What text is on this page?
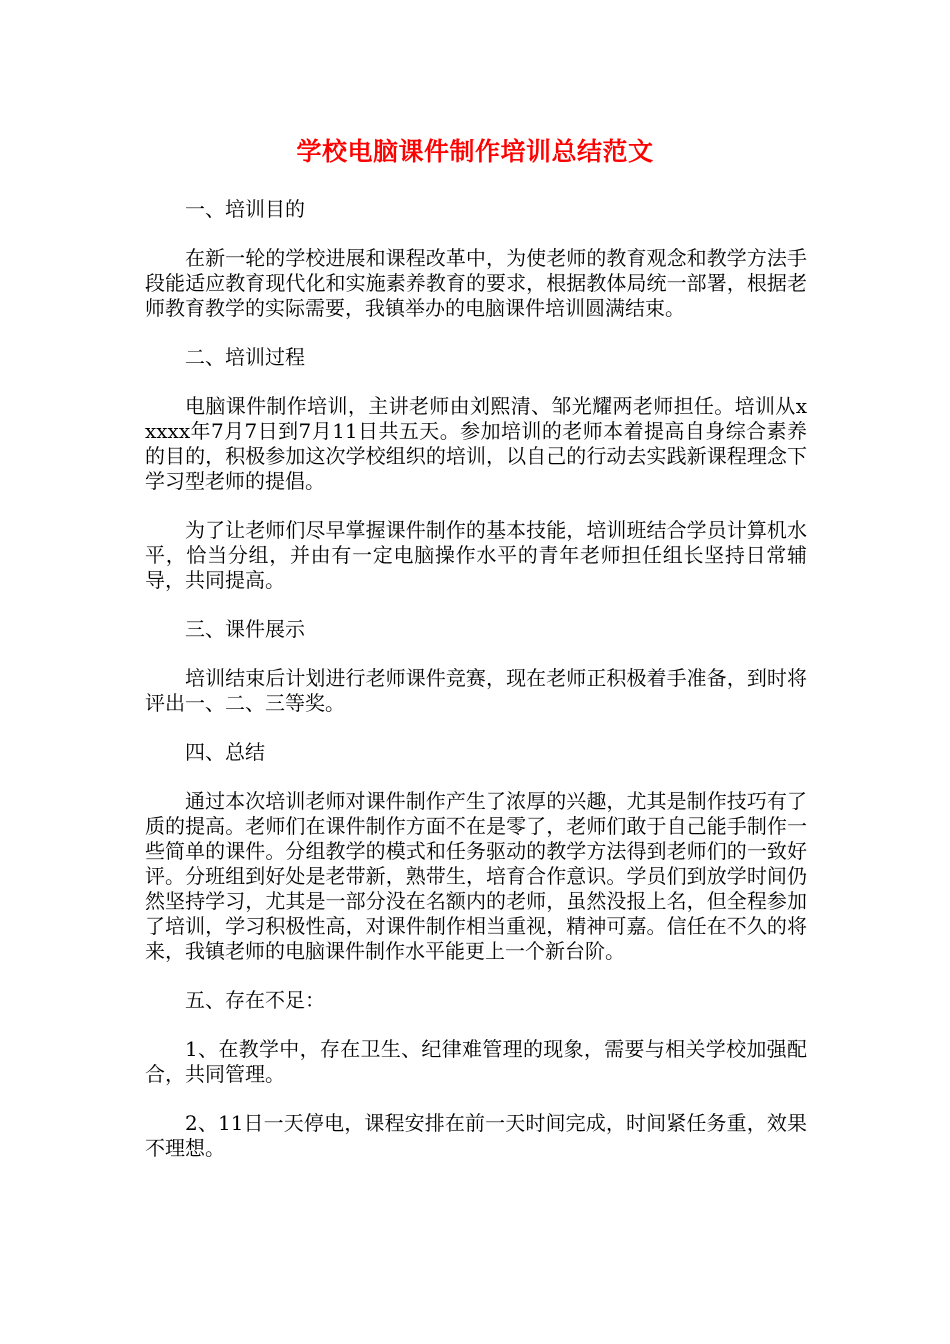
学校电脑课件制作培训总结范文

一、培训目的

在新一轮的学校进展和课程改革中，为使老师的教育观念和教学方法手段能适应教育现代化和实施素养教育的要求，根据教体局统一部署，根据老师教育教学的实际需要，我镇举办的电脑课件培训圆满结束。

二、培训过程

电脑课件制作培训，主讲老师由刘熙清、邹光耀两老师担任。培训从xxxxx年7月7日到7月11日共五天。参加培训的老师本着提高自身综合素养的目的，积极参加这次学校组织的培训，以自己的行动去实践新课程理念下学习型老师的提倡。

为了让老师们尽早掌握课件制作的基本技能，培训班结合学员计算机水平，恰当分组，并由有一定电脑操作水平的青年老师担任组长坚持日常辅导，共同提高。

三、课件展示

培训结束后计划进行老师课件竞赛，现在老师正积极着手准备，到时将评出一、二、三等奖。

四、总结

通过本次培训老师对课件制作产生了浓厚的兴趣，尤其是制作技巧有了质的提高。老师们在课件制作方面不在是零了，老师们敢于自己能手制作一些简单的课件。分组教学的模式和任务驱动的教学方法得到老师们的一致好评。分班组到好处是老带新，熟带生，培育合作意识。学员们到放学时间仍然坚持学习，尤其是一部分没在名额内的老师，虽然没报上名，但全程参加了培训，学习积极性高，对课件制作相当重视，精神可嘉。信任在不久的将来，我镇老师的电脑课件制作水平能更上一个新台阶。

五、存在不足：

1、在教学中，存在卫生、纪律难管理的现象，需要与相关学校加强配合，共同管理。

2、11日一天停电，课程安排在前一天时间完成，时间紧任务重，效果不理想。
